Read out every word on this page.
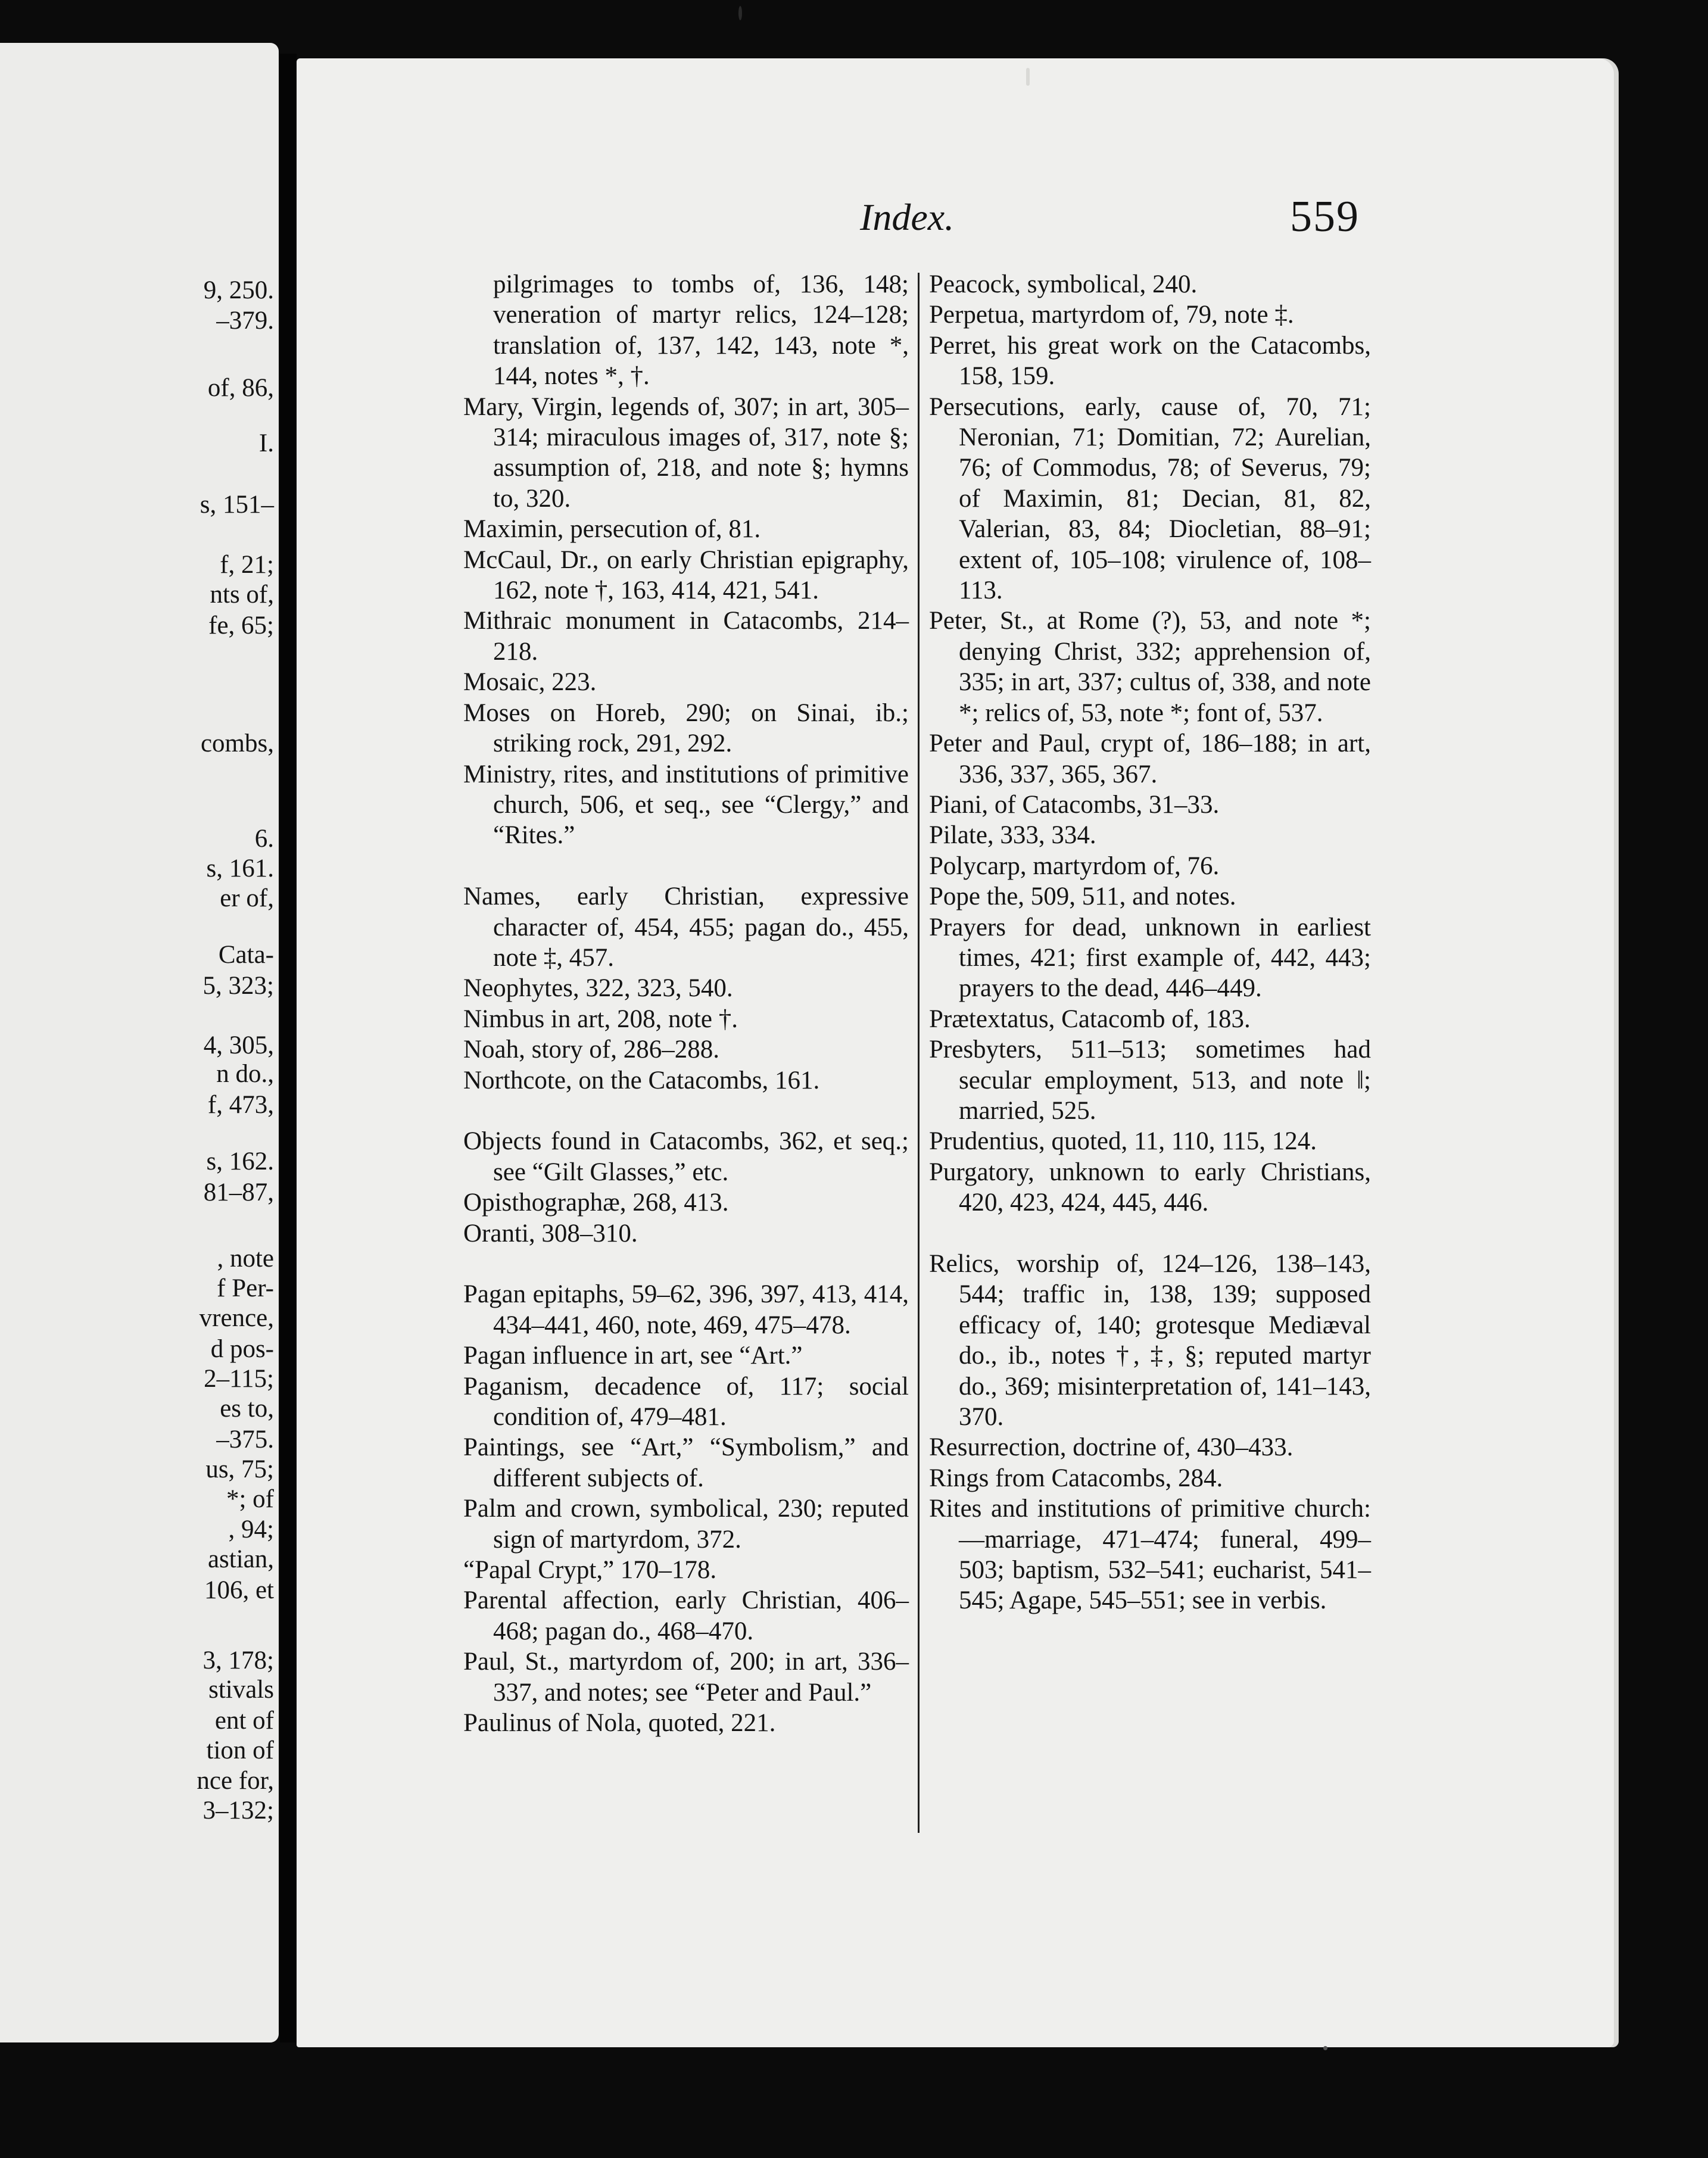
9, 250.
–379.
of, 86,
I.
s, 151–
f, 21;
nts of,
fe, 65;
combs,
6.
s, 161.
er of,
Cata-
5, 323;
4, 305,
n do.,
f, 473,
s, 162.
81–87,
, note
f Per-
vrence,
d pos-
2–115;
es to,
–375.
us, 75;
*; of
, 94;
astian,
106, et
3, 178;
stivals
ent of
tion of
nce for,
3–132;
Index.	559
pilgrimages to tombs of, 136, 148; veneration of martyr relics, 124–128; translation of, 137, 142, 143, note *, 144, notes *, †.
Mary, Virgin, legends of, 307; in art, 305–314; miraculous images of, 317, note §; assumption of, 218, and note §; hymns to, 320.
Maximin, persecution of, 81.
McCaul, Dr., on early Christian epigraphy, 162, note †, 163, 414, 421, 541.
Mithraic monument in Catacombs, 214–218.
Mosaic, 223.
Moses on Horeb, 290; on Sinai, ib.; striking rock, 291, 292.
Ministry, rites, and institutions of primitive church, 506, et seq., see “Clergy,” and “Rites.”
Names, early Christian, expressive character of, 454, 455; pagan do., 455, note ‡, 457.
Neophytes, 322, 323, 540.
Nimbus in art, 208, note †.
Noah, story of, 286–288.
Northcote, on the Catacombs, 161.
Objects found in Catacombs, 362, et seq.; see “Gilt Glasses,” etc.
Opisthographæ, 268, 413.
Oranti, 308–310.
Pagan epitaphs, 59–62, 396, 397, 413, 414, 434–441, 460, note, 469, 475–478.
Pagan influence in art, see “Art.”
Paganism, decadence of, 117; social condition of, 479–481.
Paintings, see “Art,” “Symbolism,” and different subjects of.
Palm and crown, symbolical, 230; reputed sign of martyrdom, 372.
“Papal Crypt,” 170–178.
Parental affection, early Christian, 406–468; pagan do., 468–470.
Paul, St., martyrdom of, 200; in art, 336–337, and notes; see “Peter and Paul.”
Paulinus of Nola, quoted, 221.
Peacock, symbolical, 240.
Perpetua, martyrdom of, 79, note ‡.
Perret, his great work on the Catacombs, 158, 159.
Persecutions, early, cause of, 70, 71; Neronian, 71; Domitian, 72; Aurelian, 76; of Commodus, 78; of Severus, 79; of Maximin, 81; Decian, 81, 82, Valerian, 83, 84; Diocletian, 88–91; extent of, 105–108; virulence of, 108–113.
Peter, St., at Rome (?), 53, and note *; denying Christ, 332; apprehension of, 335; in art, 337; cultus of, 338, and note *; relics of, 53, note *; font of, 537.
Peter and Paul, crypt of, 186–188; in art, 336, 337, 365, 367.
Piani, of Catacombs, 31–33.
Pilate, 333, 334.
Polycarp, martyrdom of, 76.
Pope the, 509, 511, and notes.
Prayers for dead, unknown in earliest times, 421; first example of, 442, 443; prayers to the dead, 446–449.
Prætextatus, Catacomb of, 183.
Presbyters, 511–513; sometimes had secular employment, 513, and note ‖; married, 525.
Prudentius, quoted, 11, 110, 115, 124.
Purgatory, unknown to early Christians, 420, 423, 424, 445, 446.
Relics, worship of, 124–126, 138–143, 544; traffic in, 138, 139; supposed efficacy of, 140; grotesque Mediæval do., ib., notes †, ‡, §; reputed martyr do., 369; misinterpretation of, 141–143, 370.
Resurrection, doctrine of, 430–433.
Rings from Catacombs, 284.
Rites and institutions of primitive church:—marriage, 471–474; funeral, 499–503; baptism, 532–541; eucharist, 541–545; Agape, 545–551; see in verbis.
